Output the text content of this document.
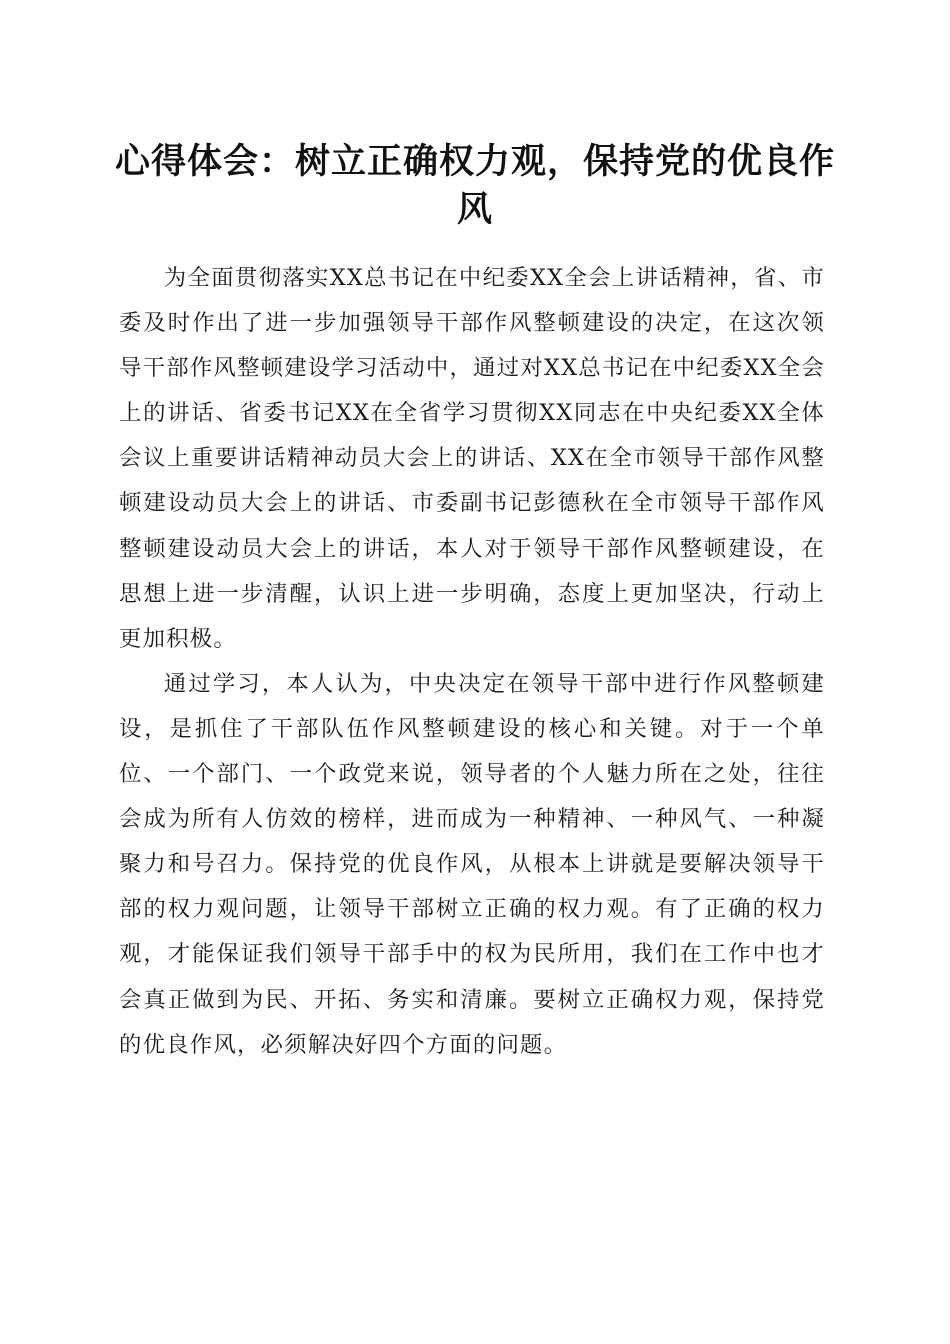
心得体会：树立正确权力观，保持党的优良作风

为全面贯彻落实XX总书记在中纪委XX全会上讲话精神，省、市委及时作出了进一步加强领导干部作风整顿建设的决定，在这次领导干部作风整顿建设学习活动中，通过对XX总书记在中纪委XX全会上的讲话、省委书记XX在全省学习贯彻XX同志在中央纪委XX全体会议上重要讲话精神动员大会上的讲话、XX在全市领导干部作风整顿建设动员大会上的讲话、市委副书记彭德秋在全市领导干部作风整顿建设动员大会上的讲话，本人对于领导干部作风整顿建设，在思想上进一步清醒，认识上进一步明确，态度上更加坚决，行动上更加积极。

通过学习，本人认为，中央决定在领导干部中进行作风整顿建设，是抓住了干部队伍作风整顿建设的核心和关键。对于一个单位、一个部门、一个政党来说，领导者的个人魅力所在之处，往往会成为所有人仿效的榜样，进而成为一种精神、一种风气、一种凝聚力和号召力。保持党的优良作风，从根本上讲就是要解决领导干部的权力观问题，让领导干部树立正确的权力观。有了正确的权力观，才能保证我们领导干部手中的权为民所用，我们在工作中也才会真正做到为民、开拓、务实和清廉。要树立正确权力观，保持党的优良作风，必须解决好四个方面的问题。
